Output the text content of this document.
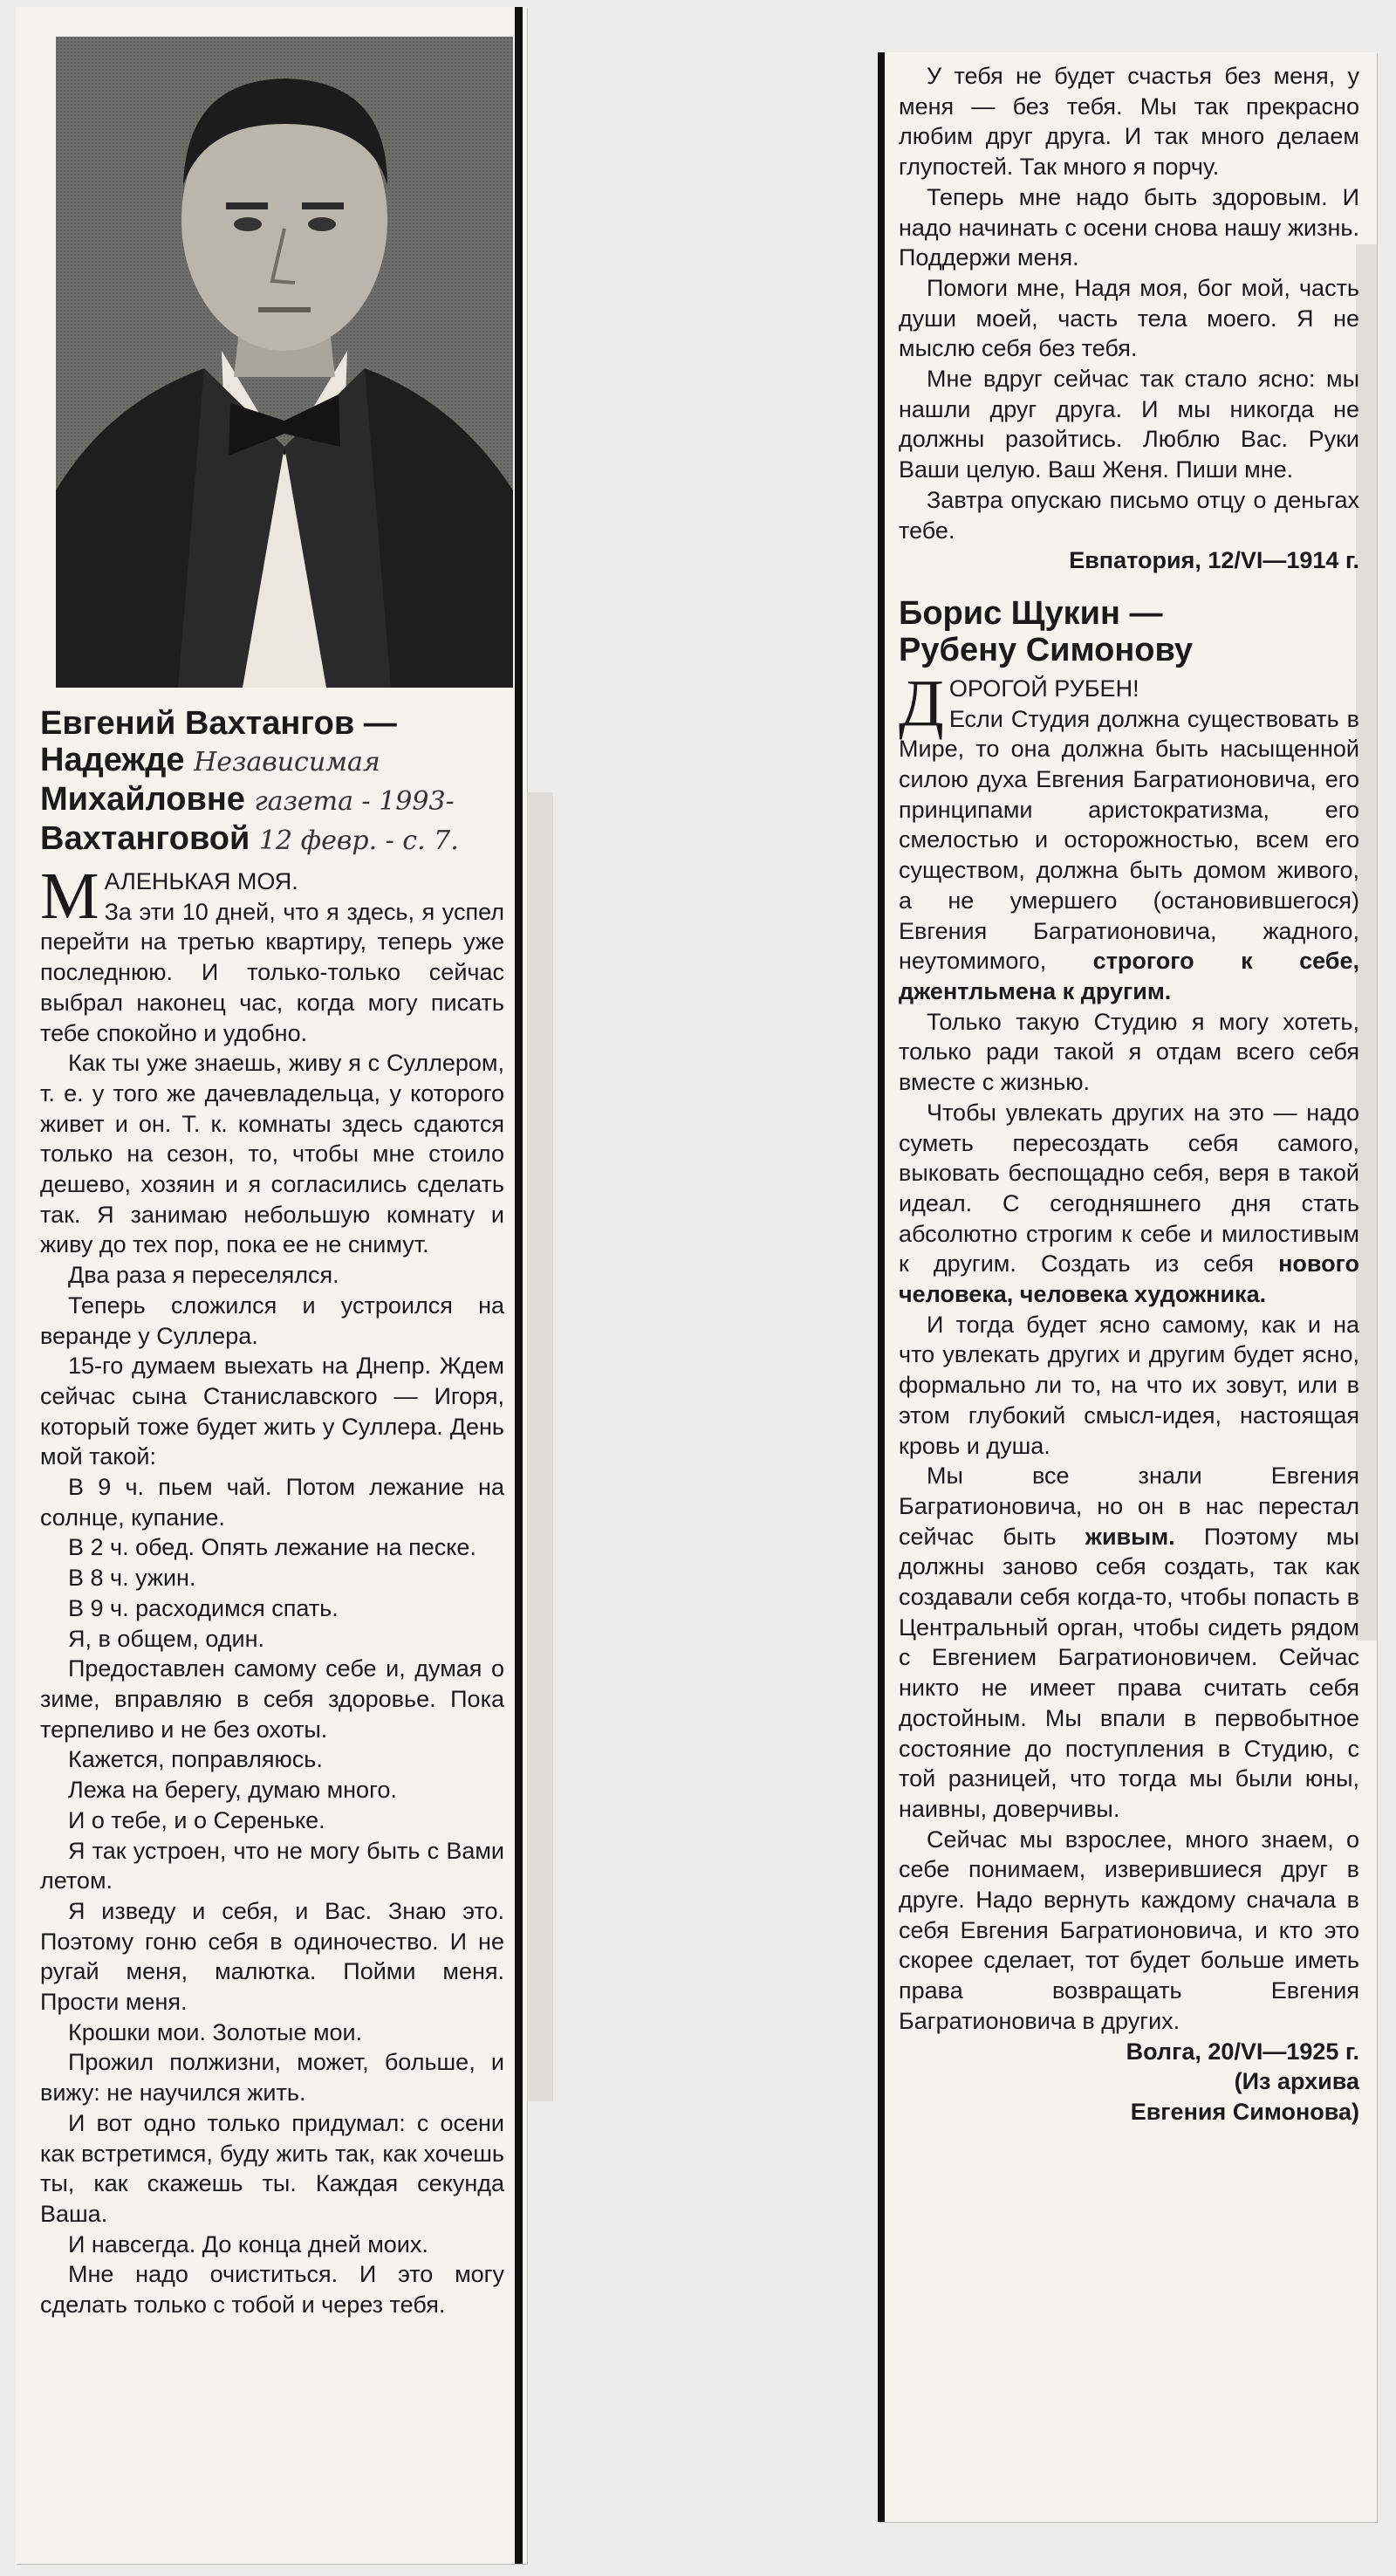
Евгений Вахтангов —
Надежде Независимая
Михайловне газета - 1993-
Вахтанговой 12 февр. - с. 7.
М АЛЕНЬКАЯ МОЯ.

За эти 10 дней, что я здесь, я успел перейти на третью квартиру, теперь уже последнюю. И только-только сейчас выбрал наконец час, когда могу писать тебе спокойно и удобно.

Как ты уже знаешь, живу я с Суллером, т. е. у того же дачевладельца, у которого живет и он. Т. к. комнаты здесь сдаются только на сезон, то, чтобы мне стоило дешево, хозяин и я согласились сделать так. Я занимаю небольшую комнату и живу до тех пор, пока ее не снимут.

Два раза я переселялся.

Теперь сложился и устроился на веранде у Суллера.

15-го думаем выехать на Днепр. Ждем сейчас сына Станиславского — Игоря, который тоже будет жить у Суллера. День мой такой:

В 9 ч. пьем чай. Потом лежание на солнце, купание.

В 2 ч. обед. Опять лежание на песке.

В 8 ч. ужин.

В 9 ч. расходимся спать.

Я, в общем, один.

Предоставлен самому себе и, думая о зиме, вправляю в себя здоровье. Пока терпеливо и не без охоты.

Кажется, поправляюсь.

Лежа на берегу, думаю много.

И о тебе, и о Сереньке.

Я так устроен, что не могу быть с Вами летом.

Я изведу и себя, и Вас. Знаю это. Поэтому гоню себя в одиночество. И не ругай меня, малютка. Пойми меня. Прости меня.

Крошки мои. Золотые мои.

Прожил полжизни, может, больше, и вижу: не научился жить.

И вот одно только придумал: с осени как встретимся, буду жить так, как хочешь ты, как скажешь ты. Каждая секунда Ваша.

И навсегда. До конца дней моих.

Мне надо очиститься. И это могу сделать только с тобой и через тебя.

У тебя не будет счастья без меня, у меня — без тебя. Мы так прекрасно любим друг друга. И так много делаем глупостей. Так много я порчу.

Теперь мне надо быть здоровым. И надо начинать с осени снова нашу жизнь. Поддержи меня.

Помоги мне, Надя моя, бог мой, часть души моей, часть тела моего. Я не мыслю себя без тебя.

Мне вдруг сейчас так стало ясно: мы нашли друг друга. И мы никогда не должны разойтись. Люблю Вас. Руки Ваши целую. Ваш Женя. Пиши мне.

Завтра опускаю письмо отцу о деньгах тебе.

Евпатория, 12/VI—1914 г.

Борис Щукин —
Рубену Симонову
Д ОРОГОЙ РУБЕН!

Если Студия должна существовать в Мире, то она должна быть насыщенной силою духа Евгения Багратионовича, его принципами аристократизма, его смелостью и осторожностью, всем его существом, должна быть домом живого, а не умершего (остановившегося) Евгения Багратионовича, жадного, неутомимого, строгого к себе, джентльмена к другим.

Только такую Студию я могу хотеть, только ради такой я отдам всего себя вместе с жизнью.

Чтобы увлекать других на это — надо суметь пересоздать себя самого, выковать беспощадно себя, веря в такой идеал. С сегодняшнего дня стать абсолютно строгим к себе и милостивым к другим. Создать из себя нового человека, человека художника.

И тогда будет ясно самому, как и на что увлекать других и другим будет ясно, формально ли то, на что их зовут, или в этом глубокий смысл-идея, настоящая кровь и душа.

Мы все знали Евгения Багратионовича, но он в нас перестал сейчас быть живым. Поэтому мы должны заново себя создать, так как создавали себя когда-то, чтобы попасть в Центральный орган, чтобы сидеть рядом с Евгением Багратионовичем. Сейчас никто не имеет права считать себя достойным. Мы впали в первобытное состояние до поступления в Студию, с той разницей, что тогда мы были юны, наивны, доверчивы.

Сейчас мы взрослее, много знаем, о себе понимаем, изверившиеся друг в друге. Надо вернуть каждому сначала в себя Евгения Багратионовича, и кто это скорее сделает, тот будет больше иметь права возвращать Евгения Багратионовича в других.

Волга, 20/VI—1925 г.

(Из архива

Евгения Симонова)
